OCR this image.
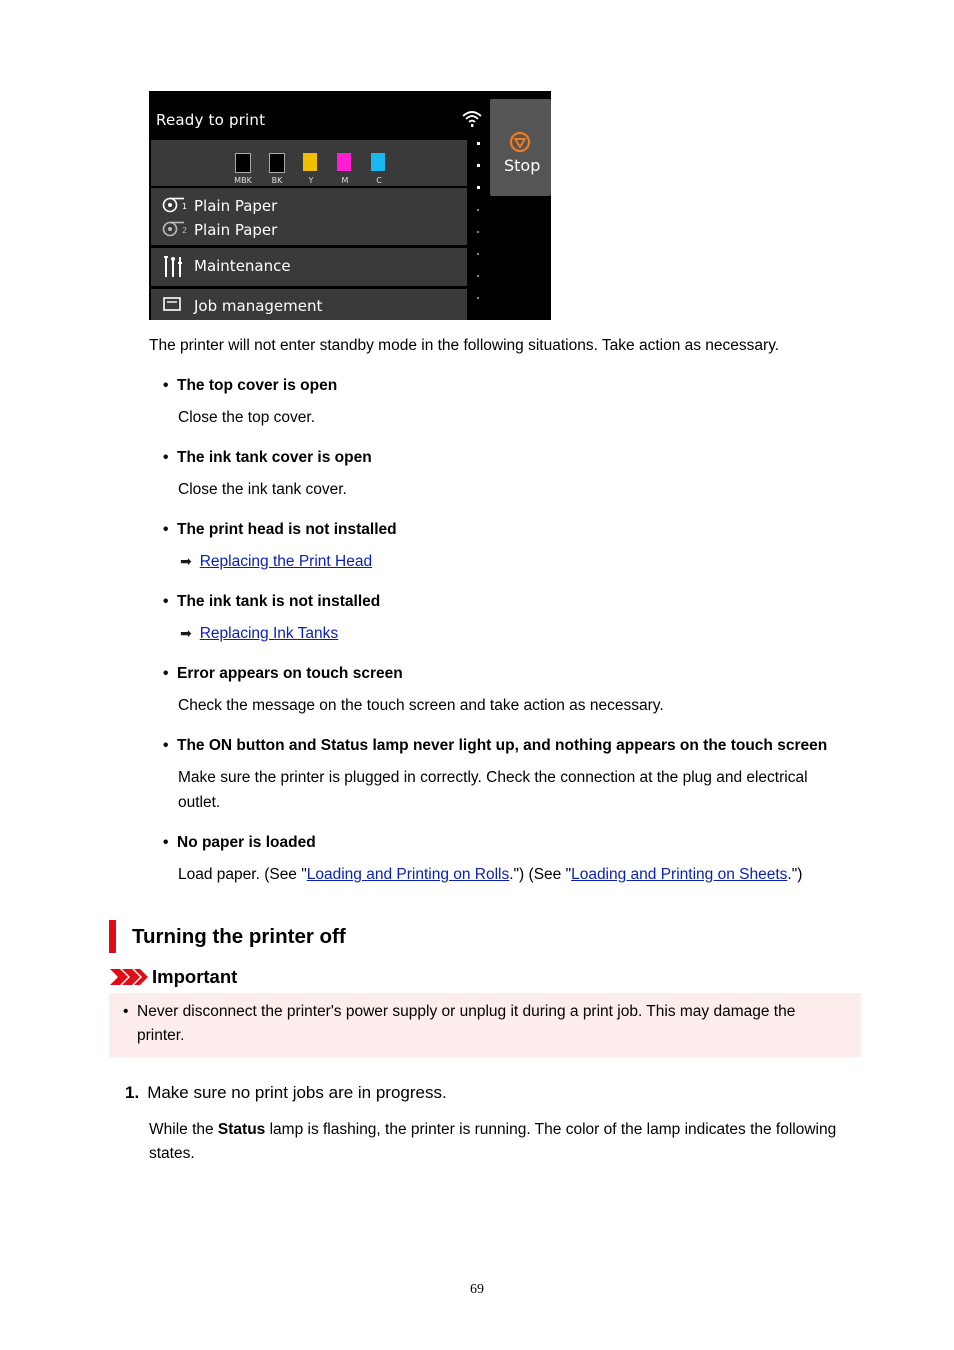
Ready to print
MBK	BK	Y	M	C
1 Plain Paper
2 Plain Paper
Maintenance
Job management
Stop

The printer will not enter standby mode in the following situations. Take action as necessary.

• The top cover is open
Close the top cover.
• The ink tank cover is open
Close the ink tank cover.
• The print head is not installed
➡ Replacing the Print Head
• The ink tank is not installed
➡ Replacing Ink Tanks
• Error appears on touch screen
Check the message on the touch screen and take action as necessary.
• The ON button and Status lamp never light up, and nothing appears on the touch screen
Make sure the printer is plugged in correctly. Check the connection at the plug and electrical
outlet.
• No paper is loaded
Load paper. (See "Loading and Printing on Rolls.") (See "Loading and Printing on Sheets.")
Turning the printer off
Important
• Never disconnect the printer's power supply or unplug it during a print job. This may damage the printer.
1. Make sure no print jobs are in progress.
While the Status lamp is flashing, the printer is running. The color of the lamp indicates the following states.
69
